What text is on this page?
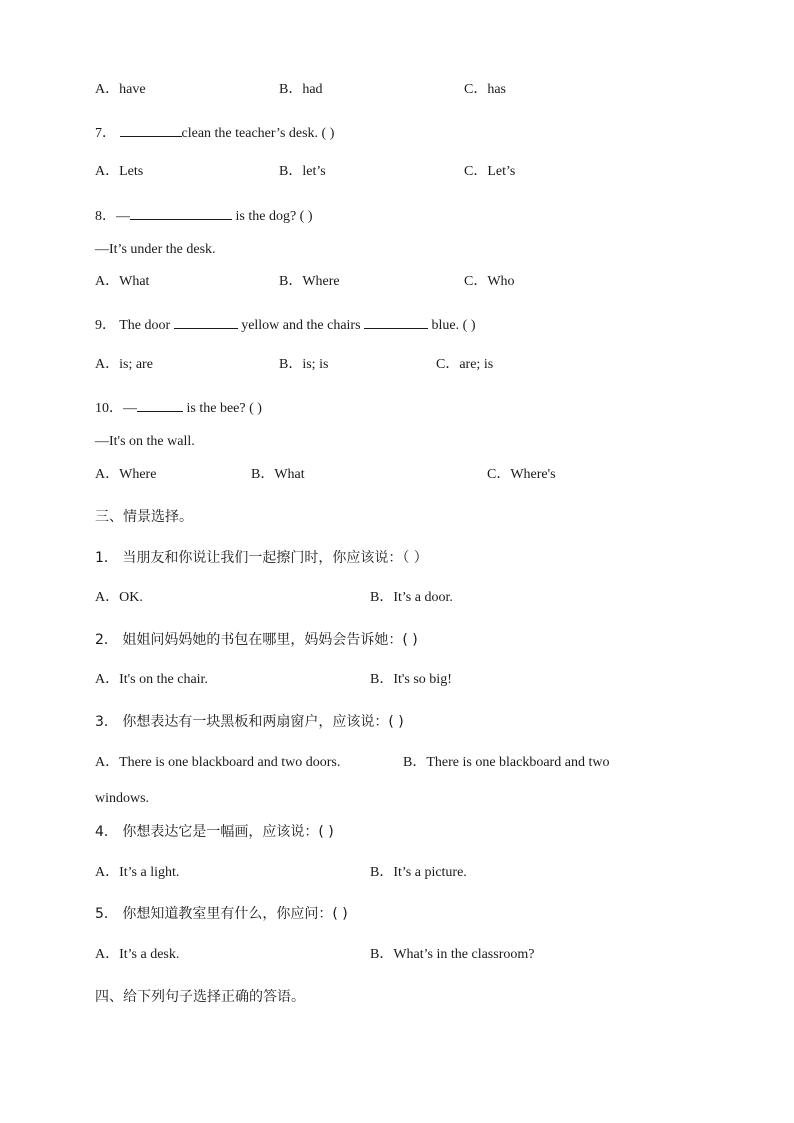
A．have	B．had	C．has
7．	clean the teacher’s desk. ( )
A．Lets	B．let’s	C．Let’s
8．—	is the dog? ( )
—It’s under the desk.
A．What	B．Where	C．Who
9． The door	yellow and the chairs	blue. ( )
A．is; are	B．is; is	C．are; is
10．—	is the bee? ( )
—It's on the wall.
A．Where	B．What	C．Where's
三、情景选择。
1． 当朋友和你说让我们一起擦门时，你应该说：（ ）
A．OK.	B．It’s a door.
2． 姐姐问妈妈她的书包在哪里，妈妈会告诉她：( )
A．It's on the chair.	B．It's so big!
3． 你想表达有一块黑板和两扇窗户，应该说：( )
A．There is one blackboard and two doors.	B．There is one blackboard and two
windows.
4． 你想表达它是一幅画，应该说：( )
A．It’s a light.	B．It’s a picture.
5． 你想知道教室里有什么，你应问：( )
A．It’s a desk.	B．What’s in the classroom?
四、给下列句子选择正确的答语。
